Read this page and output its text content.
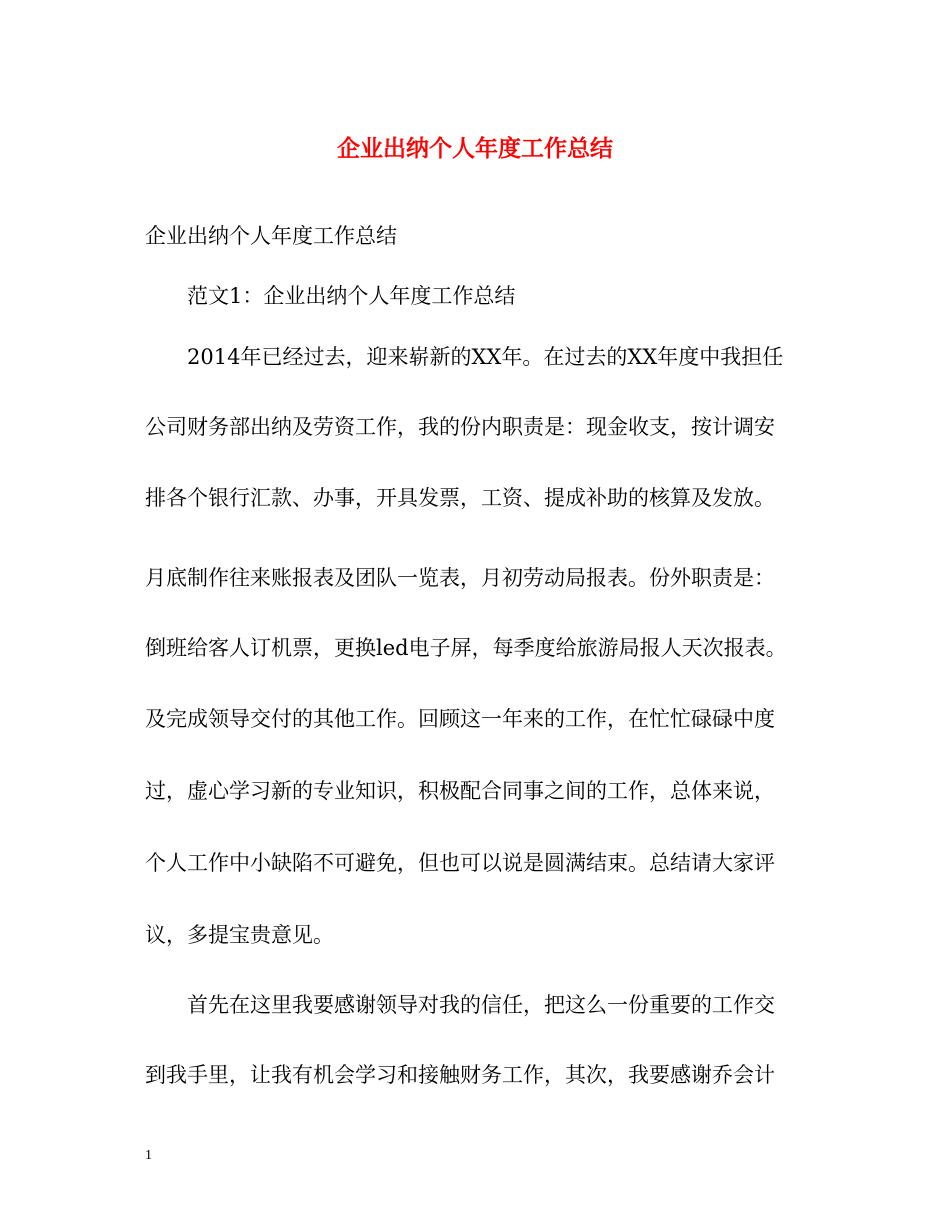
企业出纳个人年度工作总结
企业出纳个人年度工作总结
范文1：企业出纳个人年度工作总结
2014年已经过去，迎来崭新的XX年。在过去的XX年度中我担任
公司财务部出纳及劳资工作，我的份内职责是：现金收支，按计调安
排各个银行汇款、办事，开具发票，工资、提成补助的核算及发放。
月底制作往来账报表及团队一览表，月初劳动局报表。份外职责是：
倒班给客人订机票，更换led电子屏，每季度给旅游局报人天次报表。
及完成领导交付的其他工作。回顾这一年来的工作，在忙忙碌碌中度
过，虚心学习新的专业知识，积极配合同事之间的工作，总体来说，
个人工作中小缺陷不可避免，但也可以说是圆满结束。总结请大家评
议，多提宝贵意见。
首先在这里我要感谢领导对我的信任，把这么一份重要的工作交
到我手里，让我有机会学习和接触财务工作，其次，我要感谢乔会计
1
